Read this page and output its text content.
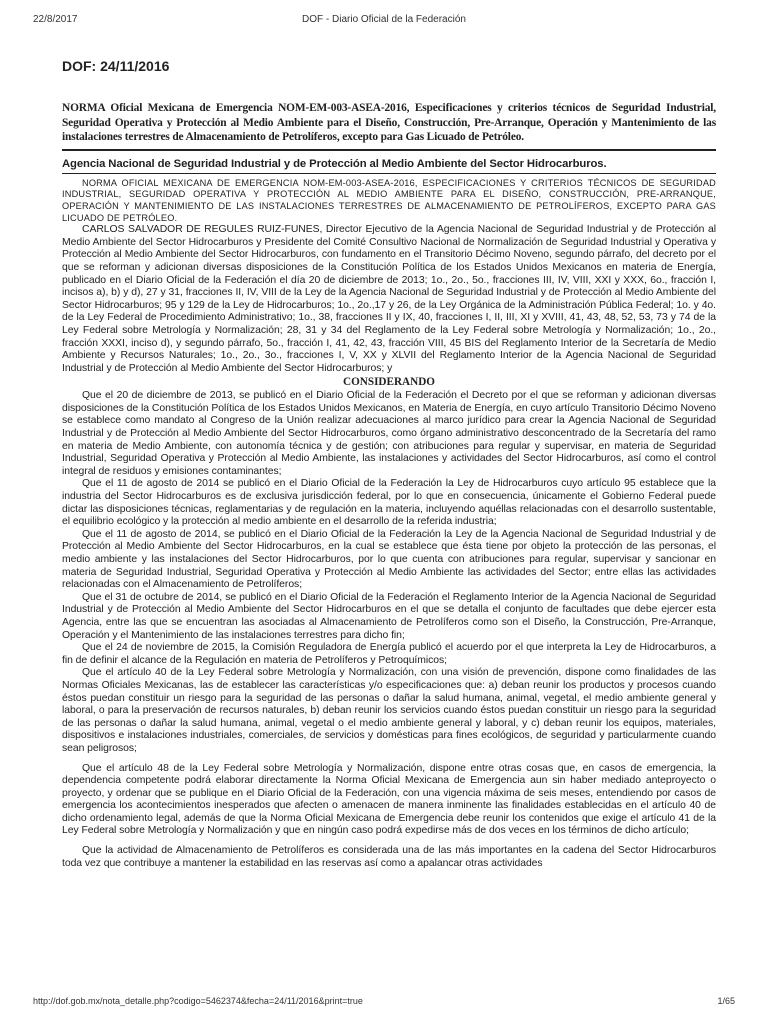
22/8/2017	DOF - Diario Oficial de la Federación
DOF: 24/11/2016

NORMA Oficial Mexicana de Emergencia NOM-EM-003-ASEA-2016, Especificaciones y criterios técnicos de Seguridad Industrial, Seguridad Operativa y Protección al Medio Ambiente para el Diseño, Construcción, Pre-Arranque, Operación y Mantenimiento de las instalaciones terrestres de Almacenamiento de Petrolíferos, excepto para Gas Licuado de Petróleo.

Agencia Nacional de Seguridad Industrial y de Protección al Medio Ambiente del Sector Hidrocarburos.

NORMA OFICIAL MEXICANA DE EMERGENCIA NOM-EM-003-ASEA-2016, ESPECIFICACIONES Y CRITERIOS TÉCNICOS DE SEGURIDAD INDUSTRIAL, SEGURIDAD OPERATIVA Y PROTECCIÓN AL MEDIO AMBIENTE PARA EL DISEÑO, CONSTRUCCIÓN, PRE-ARRANQUE, OPERACIÓN Y MANTENIMIENTO DE LAS INSTALACIONES TERRESTRES DE ALMACENAMIENTO DE PETROLÍFEROS, EXCEPTO PARA GAS LICUADO DE PETRÓLEO.

CARLOS SALVADOR DE REGULES RUIZ-FUNES, Director Ejecutivo de la Agencia Nacional de Seguridad Industrial y de Protección al Medio Ambiente del Sector Hidrocarburos y Presidente del Comité Consultivo Nacional de Normalización de Seguridad Industrial y Operativa y Protección al Medio Ambiente del Sector Hidrocarburos, con fundamento en el Transitorio Décimo Noveno, segundo párrafo, del decreto por el que se reforman y adicionan diversas disposiciones de la Constitución Política de los Estados Unidos Mexicanos en materia de Energía, publicado en el Diario Oficial de la Federación el día 20 de diciembre de 2013; 1o., 2o., 5o., fracciones III, IV, VIII, XXI y XXX, 6o., fracción I, incisos a), b) y d), 27 y 31, fracciones II, IV, VIII de la Ley de la Agencia Nacional de Seguridad Industrial y de Protección al Medio Ambiente del Sector Hidrocarburos; 95 y 129 de la Ley de Hidrocarburos; 1o., 2o.,17 y 26, de la Ley Orgánica de la Administración Pública Federal; 1o. y 4o. de la Ley Federal de Procedimiento Administrativo; 1o., 38, fracciones II y IX, 40, fracciones I, II, III, XI y XVIII, 41, 43, 48, 52, 53, 73 y 74 de la Ley Federal sobre Metrología y Normalización; 28, 31 y 34 del Reglamento de la Ley Federal sobre Metrología y Normalización; 1o., 2o., fracción XXXI, inciso d), y segundo párrafo, 5o., fracción I, 41, 42, 43, fracción VIII, 45 BIS del Reglamento Interior de la Secretaría de Medio Ambiente y Recursos Naturales; 1o., 2o., 3o., fracciones I, V, XX y XLVII del Reglamento Interior de la Agencia Nacional de Seguridad Industrial y de Protección al Medio Ambiente del Sector Hidrocarburos; y

CONSIDERANDO

Que el 20 de diciembre de 2013, se publicó en el Diario Oficial de la Federación el Decreto por el que se reforman y adicionan diversas disposiciones de la Constitución Política de los Estados Unidos Mexicanos, en Materia de Energía, en cuyo artículo Transitorio Décimo Noveno se establece como mandato al Congreso de la Unión realizar adecuaciones al marco jurídico para crear la Agencia Nacional de Seguridad Industrial y de Protección al Medio Ambiente del Sector Hidrocarburos, como órgano administrativo desconcentrado de la Secretaría del ramo en materia de Medio Ambiente, con autonomía técnica y de gestión; con atribuciones para regular y supervisar, en materia de Seguridad Industrial, Seguridad Operativa y Protección al Medio Ambiente, las instalaciones y actividades del Sector Hidrocarburos, así como el control integral de residuos y emisiones contaminantes;

Que el 11 de agosto de 2014 se publicó en el Diario Oficial de la Federación la Ley de Hidrocarburos cuyo artículo 95 establece que la industria del Sector Hidrocarburos es de exclusiva jurisdicción federal, por lo que en consecuencia, únicamente el Gobierno Federal puede dictar las disposiciones técnicas, reglamentarias y de regulación en la materia, incluyendo aquéllas relacionadas con el desarrollo sustentable, el equilibrio ecológico y la protección al medio ambiente en el desarrollo de la referida industria;

Que el 11 de agosto de 2014, se publicó en el Diario Oficial de la Federación la Ley de la Agencia Nacional de Seguridad Industrial y de Protección al Medio Ambiente del Sector Hidrocarburos, en la cual se establece que ésta tiene por objeto la protección de las personas, el medio ambiente y las instalaciones del Sector Hidrocarburos, por lo que cuenta con atribuciones para regular, supervisar y sancionar en materia de Seguridad Industrial, Seguridad Operativa y Protección al Medio Ambiente las actividades del Sector; entre ellas las actividades relacionadas con el Almacenamiento de Petrolíferos;

Que el 31 de octubre de 2014, se publicó en el Diario Oficial de la Federación el Reglamento Interior de la Agencia Nacional de Seguridad Industrial y de Protección al Medio Ambiente del Sector Hidrocarburos en el que se detalla el conjunto de facultades que debe ejercer esta Agencia, entre las que se encuentran las asociadas al Almacenamiento de Petrolíferos como son el Diseño, la Construcción, Pre-Arranque, Operación y el Mantenimiento de las instalaciones terrestres para dicho fin;

Que el 24 de noviembre de 2015, la Comisión Reguladora de Energía publicó el acuerdo por el que interpreta la Ley de Hidrocarburos, a fin de definir el alcance de la Regulación en materia de Petrolíferos y Petroquímicos;

Que el artículo 40 de la Ley Federal sobre Metrología y Normalización, con una visión de prevención, dispone como finalidades de las Normas Oficiales Mexicanas, las de establecer las características y/o especificaciones que: a) deban reunir los productos y procesos cuando éstos puedan constituir un riesgo para la seguridad de las personas o dañar la salud humana, animal, vegetal, el medio ambiente general y laboral, o para la preservación de recursos naturales, b) deban reunir los servicios cuando éstos puedan constituir un riesgo para la seguridad de las personas o dañar la salud humana, animal, vegetal o el medio ambiente general y laboral, y c) deban reunir los equipos, materiales, dispositivos e instalaciones industriales, comerciales, de servicios y domésticas para fines ecológicos, de seguridad y particularmente cuando sean peligrosos;

Que el artículo 48 de la Ley Federal sobre Metrología y Normalización, dispone entre otras cosas que, en casos de emergencia, la dependencia competente podrá elaborar directamente la Norma Oficial Mexicana de Emergencia aun sin haber mediado anteproyecto o proyecto, y ordenar que se publique en el Diario Oficial de la Federación, con una vigencia máxima de seis meses, entendiendo por casos de emergencia los acontecimientos inesperados que afecten o amenacen de manera inminente las finalidades establecidas en el artículo 40 de dicho ordenamiento legal, además de que la Norma Oficial Mexicana de Emergencia debe reunir los contenidos que exige el artículo 41 de la Ley Federal sobre Metrología y Normalización y que en ningún caso podrá expedirse más de dos veces en los términos de dicho artículo;

Que la actividad de Almacenamiento de Petrolíferos es considerada una de las más importantes en la cadena del Sector Hidrocarburos toda vez que contribuye a mantener la estabilidad en las reservas así como a apalancar otras actividades

http://dof.gob.mx/nota_detalle.php?codigo=5462374&fecha=24/11/2016&print=true	1/65
